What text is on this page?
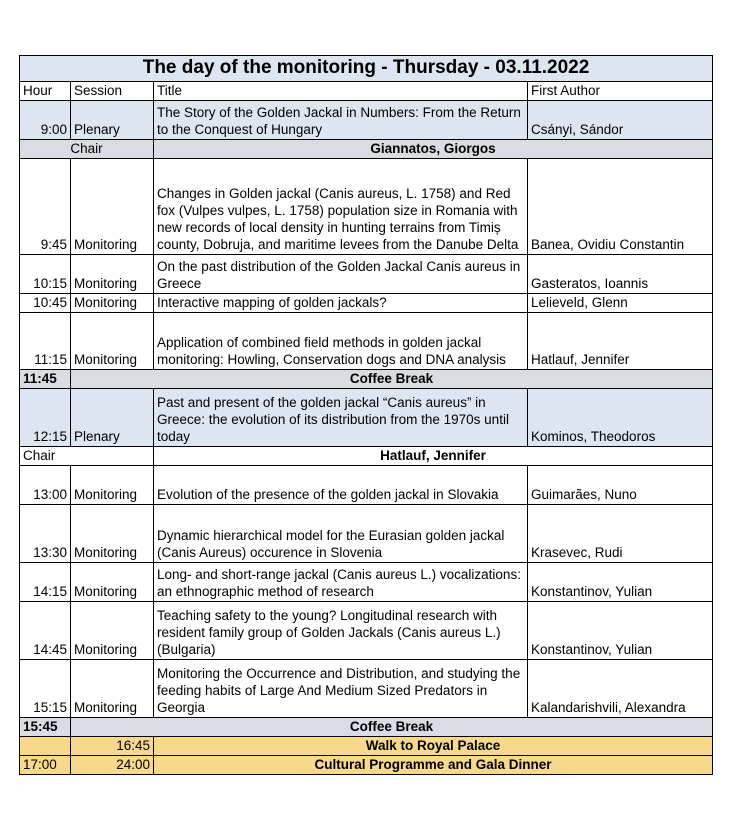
The day of the monitoring - Thursday - 03.11.2022			
Hour	Session	Title	First Author
9:00	Plenary	The Story of the Golden Jackal in Numbers: From the Return to the Conquest of Hungary	Csányi, Sándor
Chair		Giannatos, Giorgos	
9:45	Monitoring	Changes in Golden jackal (Canis aureus, L. 1758) and Red fox (Vulpes vulpes, L. 1758) population size in Romania with new records of local density in hunting terrains from Timiș county, Dobruja, and maritime levees from the Danube Delta	Banea, Ovidiu Constantin
10:15	Monitoring	On the past distribution of the Golden Jackal Canis aureus in Greece	Gasteratos, Ioannis
10:45	Monitoring	Interactive mapping of golden jackals?	Lelieveld, Glenn
11:15	Monitoring	Application of combined field methods in golden jackal monitoring: Howling, Conservation dogs and DNA analysis	Hatlauf, Jennifer
11:45	Coffee Break		
12:15	Plenary	Past and present of the golden jackal “Canis aureus” in Greece: the evolution of its distribution from the 1970s until today	Kominos, Theodoros
Chair		Hatlauf, Jennifer	
13:00	Monitoring	Evolution of the presence of the golden jackal in Slovakia	Guimarães, Nuno
13:30	Monitoring	Dynamic hierarchical model for the Eurasian golden jackal (Canis Aureus) occurence in Slovenia	Krasevec, Rudi
14:15	Monitoring	Long- and short-range jackal (Canis aureus L.) vocalizations: an ethnographic method of research	Konstantinov, Yulian
14:45	Monitoring	Teaching safety to the young? Longitudinal research with resident family group of Golden Jackals (Canis aureus L.) (Bulgaria)	Konstantinov, Yulian
15:15	Monitoring	Monitoring the Occurrence and Distribution, and studying the feeding habits of Large And Medium Sized Predators in Georgia	Kalandarishvili, Alexandra
15:45	Coffee Break		
	16:45	Walk to Royal Palace	
17:00	24:00	Cultural Programme and Gala Dinner	
